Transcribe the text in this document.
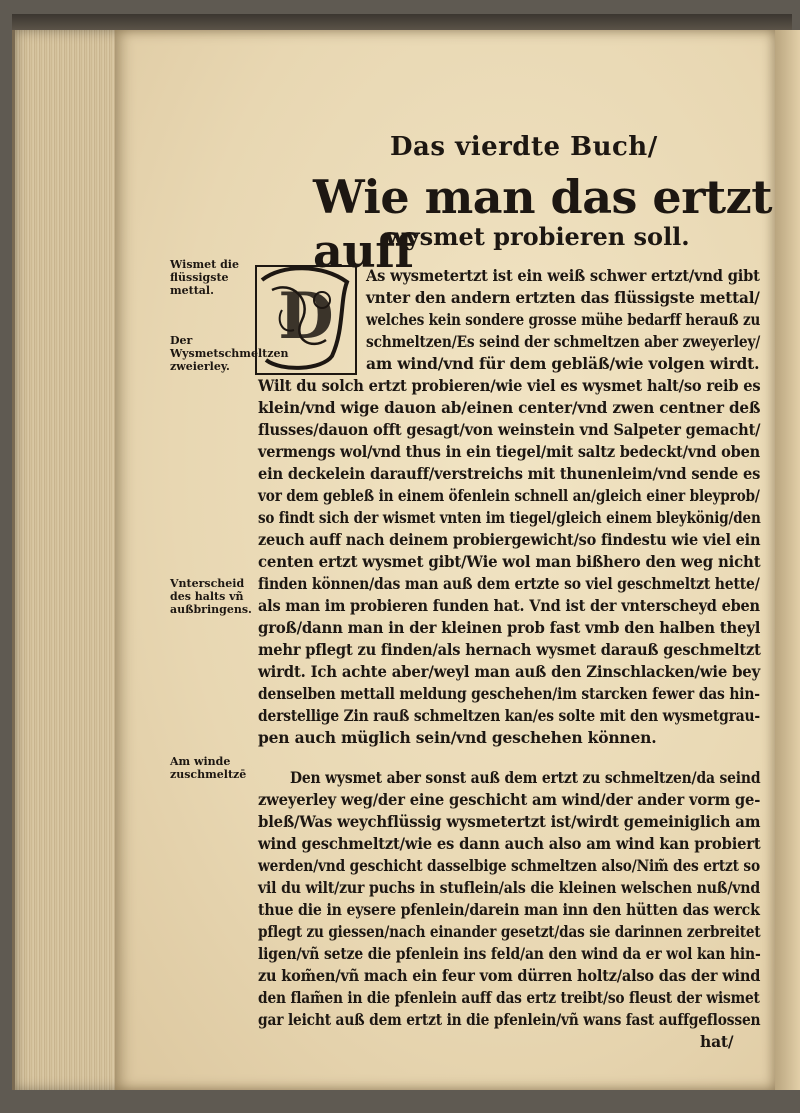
Das vierdte Buch/
Wie man das ertzt auff
wysmet probieren soll.
D
Wismet die flüssigste mettal.
Der Wysmetschmeltzen zweierley.
Vnterscheid des halts vñ außbringens.
Am winde zuschmeltzē
As wysmetertzt ist ein weiß schwer ertzt/vnd gibt
vnter den andern ertzten das flüssigste mettal/
welches kein sondere grosse mühe bedarff herauß zu
schmeltzen/Es seind der schmeltzen aber zweyerley/
am wind/vnd für dem gebläß/wie volgen wirdt.
Wilt du solch ertzt probieren/wie viel es wysmet halt/so reib es
klein/vnd wige dauon ab/einen center/vnd zwen centner deß
flusses/dauon offt gesagt/von weinstein vnd Salpeter gemacht/
vermengs wol/vnd thus in ein tiegel/mit saltz bedeckt/vnd oben
ein deckelein darauff/verstreichs mit thunenleim/vnd sende es
vor dem gebleß in einem öfenlein schnell an/gleich einer bleyprob/
so findt sich der wismet vnten im tiegel/gleich einem bleykönig/den
zeuch auff nach deinem probiergewicht/so findestu wie viel ein
centen ertzt wysmet gibt/Wie wol man bißhero den weg nicht
finden können/das man auß dem ertzte so viel geschmeltzt hette/
als man im probieren funden hat. Vnd ist der vnterscheyd eben
groß/dann man in der kleinen prob fast vmb den halben theyl
mehr pflegt zu finden/als hernach wysmet darauß geschmeltzt
wirdt. Ich achte aber/weyl man auß den Zinschlacken/wie bey
denselben mettall meldung geschehen/im starcken fewer das hin-
derstellige Zin rauß schmeltzen kan/es solte mit den wysmetgrau-
pen auch müglich sein/vnd geschehen können.
Den wysmet aber sonst auß dem ertzt zu schmeltzen/da seind
zweyerley weg/der eine geschicht am wind/der ander vorm ge-
bleß/Was weychflüssig wysmetertzt ist/wirdt gemeiniglich am
wind geschmeltzt/wie es dann auch also am wind kan probiert
werden/vnd geschicht dasselbige schmeltzen also/Nim̃ des ertzt so
vil du wilt/zur puchs in stuflein/als die kleinen welschen nuß/vnd
thue die in eysere pfenlein/darein man inn den hütten das werck
pflegt zu giessen/nach einander gesetzt/das sie darinnen zerbreitet
ligen/vñ setze die pfenlein ins feld/an den wind da er wol kan hin-
zu kom̃en/vñ mach ein feur vom dürren holtz/also das der wind
den flam̃en in die pfenlein auff das ertz treibt/so fleust der wismet
gar leicht auß dem ertzt in die pfenlein/vñ wans fast auffgeflossen
hat/
